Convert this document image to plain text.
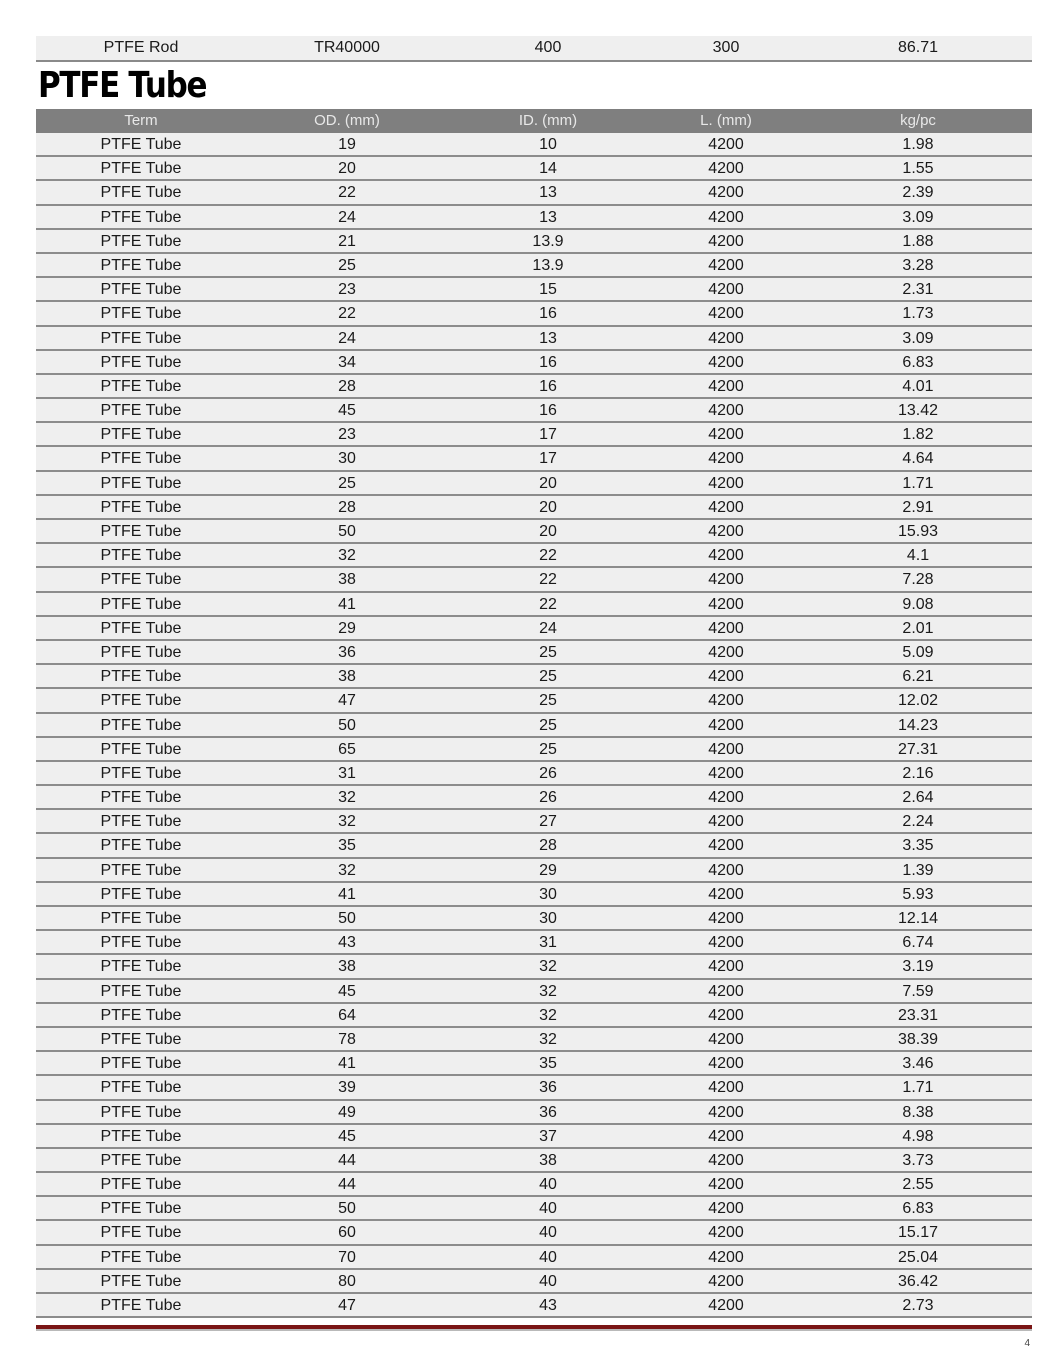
PTFE Rod	TR40000	400	300	86.71
PTFE Tube
Term	OD. (mm)	ID. (mm)	L. (mm)	kg/pc
PTFE Tube	19	10	4200	1.98
PTFE Tube	20	14	4200	1.55
PTFE Tube	22	13	4200	2.39
PTFE Tube	24	13	4200	3.09
PTFE Tube	21	13.9	4200	1.88
PTFE Tube	25	13.9	4200	3.28
PTFE Tube	23	15	4200	2.31
PTFE Tube	22	16	4200	1.73
PTFE Tube	24	13	4200	3.09
PTFE Tube	34	16	4200	6.83
PTFE Tube	28	16	4200	4.01
PTFE Tube	45	16	4200	13.42
PTFE Tube	23	17	4200	1.82
PTFE Tube	30	17	4200	4.64
PTFE Tube	25	20	4200	1.71
PTFE Tube	28	20	4200	2.91
PTFE Tube	50	20	4200	15.93
PTFE Tube	32	22	4200	4.1
PTFE Tube	38	22	4200	7.28
PTFE Tube	41	22	4200	9.08
PTFE Tube	29	24	4200	2.01
PTFE Tube	36	25	4200	5.09
PTFE Tube	38	25	4200	6.21
PTFE Tube	47	25	4200	12.02
PTFE Tube	50	25	4200	14.23
PTFE Tube	65	25	4200	27.31
PTFE Tube	31	26	4200	2.16
PTFE Tube	32	26	4200	2.64
PTFE Tube	32	27	4200	2.24
PTFE Tube	35	28	4200	3.35
PTFE Tube	32	29	4200	1.39
PTFE Tube	41	30	4200	5.93
PTFE Tube	50	30	4200	12.14
PTFE Tube	43	31	4200	6.74
PTFE Tube	38	32	4200	3.19
PTFE Tube	45	32	4200	7.59
PTFE Tube	64	32	4200	23.31
PTFE Tube	78	32	4200	38.39
PTFE Tube	41	35	4200	3.46
PTFE Tube	39	36	4200	1.71
PTFE Tube	49	36	4200	8.38
PTFE Tube	45	37	4200	4.98
PTFE Tube	44	38	4200	3.73
PTFE Tube	44	40	4200	2.55
PTFE Tube	50	40	4200	6.83
PTFE Tube	60	40	4200	15.17
PTFE Tube	70	40	4200	25.04
PTFE Tube	80	40	4200	36.42
PTFE Tube	47	43	4200	2.73
4
